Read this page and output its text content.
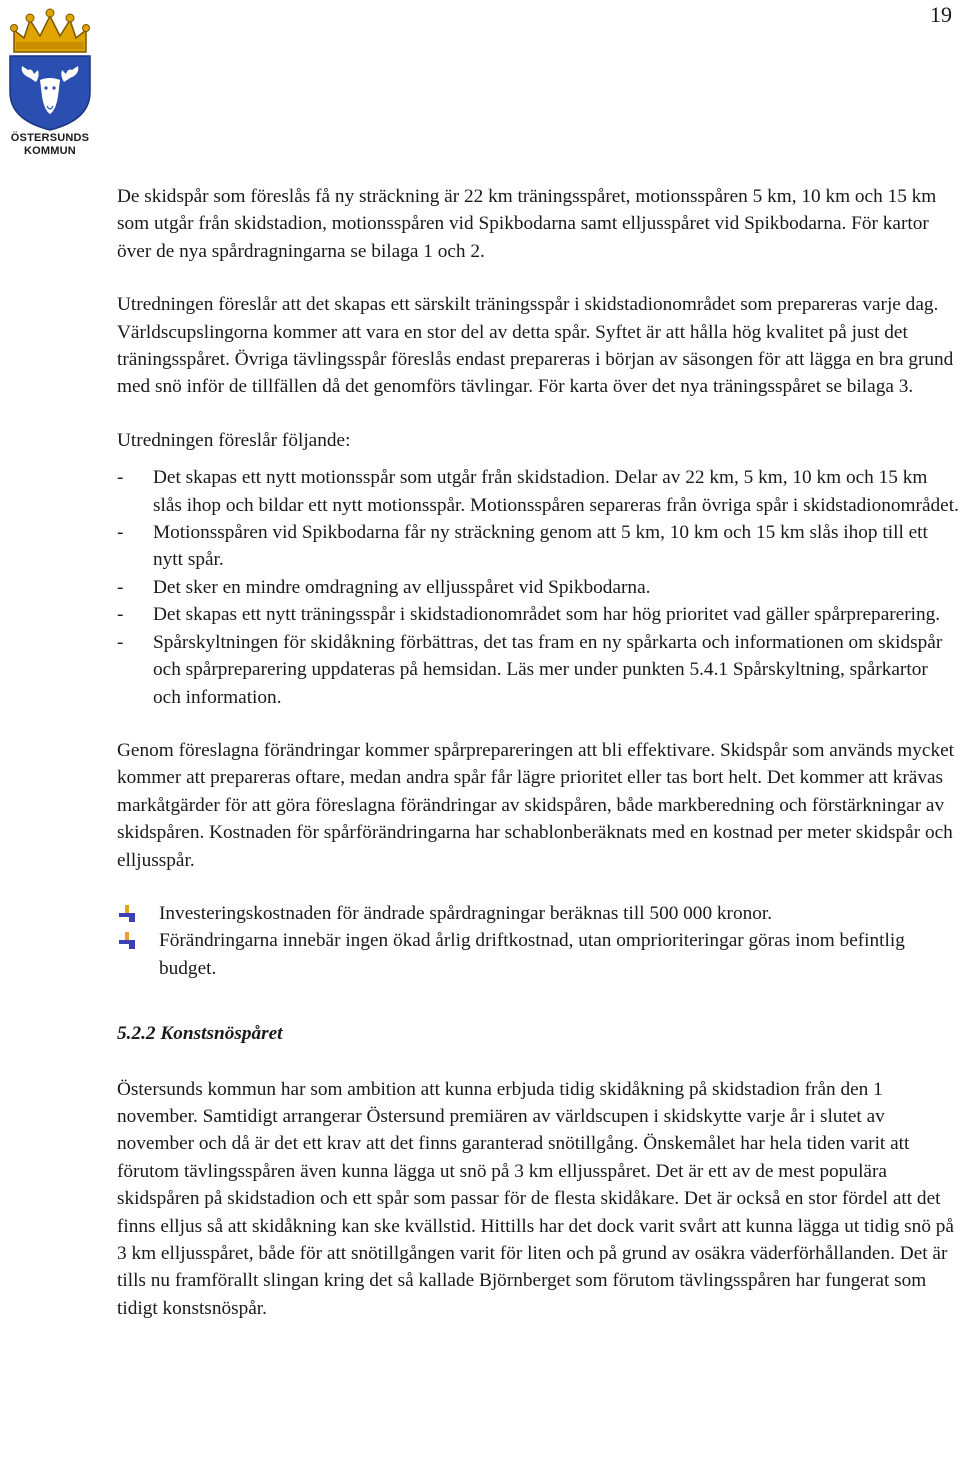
19
ÖSTERSUNDS
KOMMUN

De skidspår som föreslås få ny sträckning är 22 km träningsspåret, motionsspåren 5 km, 10 km och 15 km som utgår från skidstadion, motionsspåren vid Spikbodarna samt elljusspåret vid Spikbodarna. För kartor över de nya spårdragningarna se bilaga 1 och 2.

Utredningen föreslår att det skapas ett särskilt träningsspår i skidstadionområdet som prepareras varje dag. Världscupslingorna kommer att vara en stor del av detta spår. Syftet är att hålla hög kvalitet på just det träningsspåret. Övriga tävlingsspår föreslås endast prepareras i början av säsongen för att lägga en bra grund med snö inför de tillfällen då det genomförs tävlingar. För karta över det nya träningsspåret se bilaga 3.

Utredningen föreslår följande:

- Det skapas ett nytt motionsspår som utgår från skidstadion. Delar av 22 km, 5 km, 10 km och 15 km slås ihop och bildar ett nytt motionsspår. Motionsspåren separeras från övriga spår i skidstadionområdet.
- Motionsspåren vid Spikbodarna får ny sträckning genom att 5 km, 10 km och 15 km slås ihop till ett nytt spår.
- Det sker en mindre omdragning av elljusspåret vid Spikbodarna.
- Det skapas ett nytt träningsspår i skidstadionområdet som har hög prioritet vad gäller spårpreparering.
- Spårskyltningen för skidåkning förbättras, det tas fram en ny spårkarta och informationen om skidspår och spårpreparering uppdateras på hemsidan. Läs mer under punkten 5.4.1 Spårskyltning, spårkartor och information.

Genom föreslagna förändringar kommer spårprepareringen att bli effektivare. Skidspår som används mycket kommer att prepareras oftare, medan andra spår får lägre prioritet eller tas bort helt. Det kommer att krävas markåtgärder för att göra föreslagna förändringar av skidspåren, både markberedning och förstärkningar av skidspåren. Kostnaden för spårförändringarna har schablonberäknats med en kostnad per meter skidspår och elljusspår.

Investeringskostnaden för ändrade spårdragningar beräknas till 500 000 kronor.
Förändringarna innebär ingen ökad årlig driftkostnad, utan omprioriteringar göras inom befintlig budget.
5.2.2 Konstsnöspåret

Östersunds kommun har som ambition att kunna erbjuda tidig skidåkning på skidstadion från den 1 november. Samtidigt arrangerar Östersund premiären av världscupen i skidskytte varje år i slutet av november och då är det ett krav att det finns garanterad snötillgång. Önskemålet har hela tiden varit att förutom tävlingsspåren även kunna lägga ut snö på 3 km elljusspåret. Det är ett av de mest populära skidspåren på skidstadion och ett spår som passar för de flesta skidåkare. Det är också en stor fördel att det finns elljus så att skidåkning kan ske kvällstid. Hittills har det dock varit svårt att kunna lägga ut tidig snö på 3 km elljusspåret, både för att snötillgången varit för liten och på grund av osäkra väderförhållanden. Det är tills nu framförallt slingan kring det så kallade Björnberget som förutom tävlingsspåren har fungerat som tidigt konstsnöspår.
